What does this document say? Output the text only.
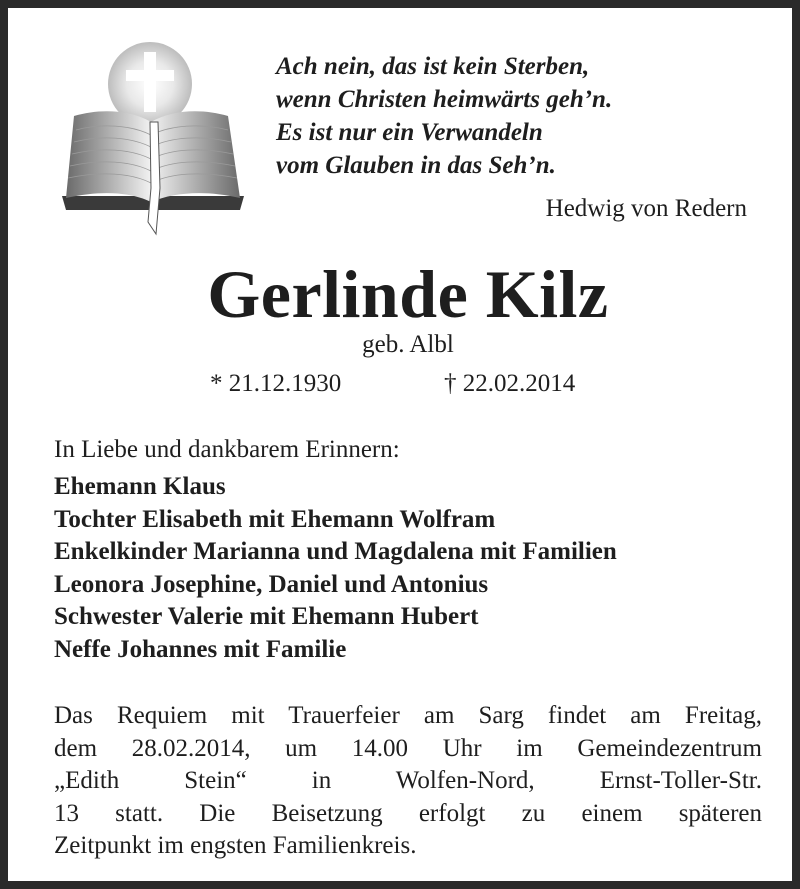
Ach nein, das ist kein Sterben,
wenn Christen heimwärts geh’n.
Es ist nur ein Verwandeln
vom Glauben in das Seh’n.
Hedwig von Redern
Gerlinde Kilz
geb. Albl
* 21.12.1930	† 22.02.2014
In Liebe und dankbarem Erinnern:
Ehemann Klaus
Tochter Elisabeth mit Ehemann Wolfram
Enkelkinder Marianna und Magdalena mit Familien
Leonora Josephine, Daniel und Antonius
Schwester Valerie mit Ehemann Hubert
Neffe Johannes mit Familie
Das Requiem mit Trauerfeier am Sarg findet am Freitag,
dem 28.02.2014, um 14.00 Uhr im Gemeindezentrum
„Edith Stein“ in Wolfen-Nord, Ernst-Toller-Str.
13 statt. Die Beisetzung erfolgt zu einem späteren
Zeitpunkt im engsten Familienkreis.
